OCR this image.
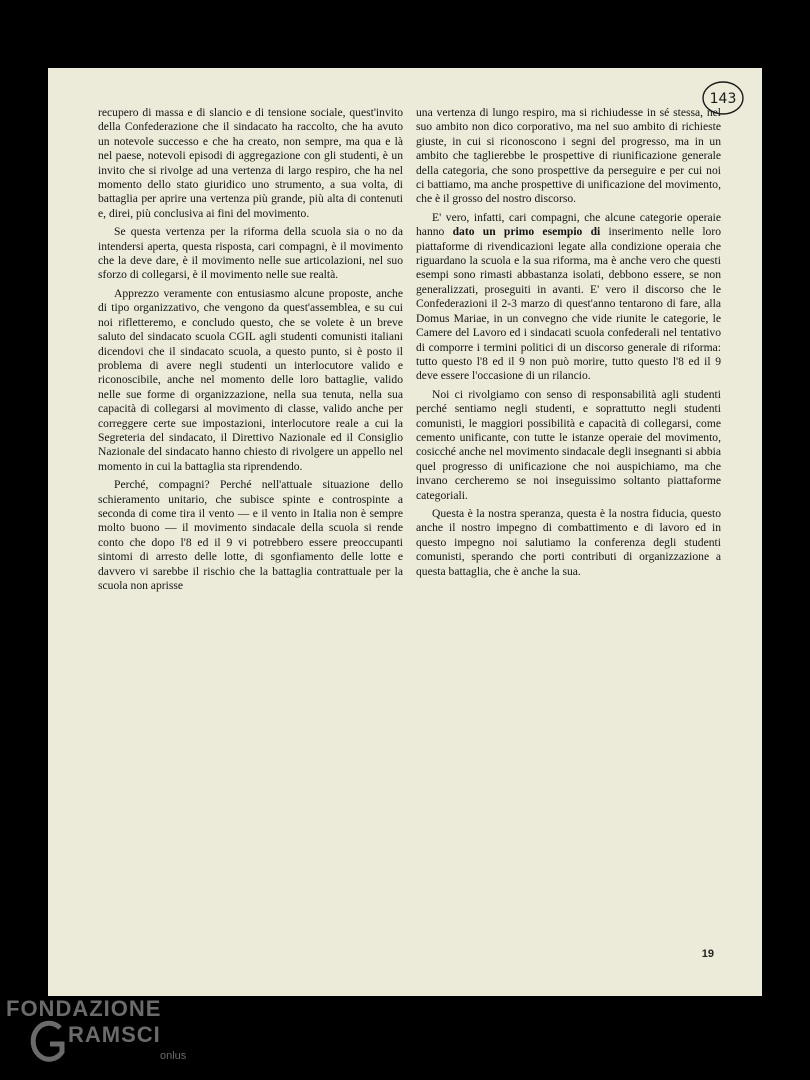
143

recupero di massa e di slancio e di tensione sociale, quest'invito della Confederazione che il sindacato ha raccolto, che ha avuto un notevole successo e che ha creato, non sempre, ma qua e là nel paese, notevoli episodi di aggregazione con gli studenti, è un invito che si rivolge ad una vertenza di largo respiro, che ha nel momento dello stato giuridico uno strumento, a sua volta, di battaglia per aprire una vertenza più grande, più alta di contenuti e, direi, più conclusiva ai fini del movimento.

Se questa vertenza per la riforma della scuola sia o no da intendersi aperta, questa risposta, cari compagni, è il movimento che la deve dare, è il movimento nelle sue articolazioni, nel suo sforzo di collegarsi, è il movimento nelle sue realtà.

Apprezzo veramente con entusiasmo alcune proposte, anche di tipo organizzativo, che vengono da quest'assemblea, e su cui noi rifletteremo, e concludo questo, che se volete è un breve saluto del sindacato scuola CGIL agli studenti comunisti italiani dicendovi che il sindacato scuola, a questo punto, si è posto il problema di avere negli studenti un interlocutore valido e riconoscibile, anche nel momento delle loro battaglie, valido nelle sue forme di organizzazione, nella sua tenuta, nella sua capacità di collegarsi al movimento di classe, valido anche per correggere certe sue impostazioni, interlocutore reale a cui la Segreteria del sindacato, il Direttivo Nazionale ed il Consiglio Nazionale del sindacato hanno chiesto di rivolgere un appello nel momento in cui la battaglia sta riprendendo.

Perché, compagni? Perché nell'attuale situazione dello schieramento unitario, che subisce spinte e controspinte a seconda di come tira il vento — e il vento in Italia non è sempre molto buono — il movimento sindacale della scuola si rende conto che dopo l'8 ed il 9 vi potrebbero essere preoccupanti sintomi di arresto delle lotte, di sgonfiamento delle lotte e davvero vi sarebbe il rischio che la battaglia contrattuale per la scuola non aprisse

una vertenza di lungo respiro, ma si richiudesse in sé stessa, nel suo ambito non dico corporativo, ma nel suo ambito di richieste giuste, in cui si riconoscono i segni del progresso, ma in un ambito che taglierebbe le prospettive di riunificazione generale della categoria, che sono prospettive da perseguire e per cui noi ci battiamo, ma anche prospettive di unificazione del movimento, che è il grosso del nostro discorso.

E' vero, infatti, cari compagni, che alcune categorie operaie hanno dato un primo esempio di inserimento nelle loro piattaforme di rivendicazioni legate alla condizione operaia che riguardano la scuola e la sua riforma, ma è anche vero che questi esempi sono rimasti abbastanza isolati, debbono essere, se non generalizzati, proseguiti in avanti. E' vero il discorso che le Confederazioni il 2-3 marzo di quest'anno tentarono di fare, alla Domus Mariae, in un convegno che vide riunite le categorie, le Camere del Lavoro ed i sindacati scuola confederali nel tentativo di comporre i termini politici di un discorso generale di riforma: tutto questo l'8 ed il 9 non può morire, tutto questo l'8 ed il 9 deve essere l'occasione di un rilancio.

Noi ci rivolgiamo con senso di responsabilità agli studenti perché sentiamo negli studenti, e soprattutto negli studenti comunisti, le maggiori possibilità e capacità di collegarsi, come cemento unificante, con tutte le istanze operaie del movimento, cosicché anche nel movimento sindacale degli insegnanti si abbia quel progresso di unificazione che noi auspichiamo, ma che invano cercheremo se noi inseguissimo soltanto piattaforme categoriali.

Questa è la nostra speranza, questa è la nostra fiducia, questo anche il nostro impegno di combattimento e di lavoro ed in questo impegno noi salutiamo la conferenza degli studenti comunisti, sperando che porti contributi di organizzazione a questa battaglia, che è anche la sua.

19
FONDAZIONE
RAMSCI
onlus
